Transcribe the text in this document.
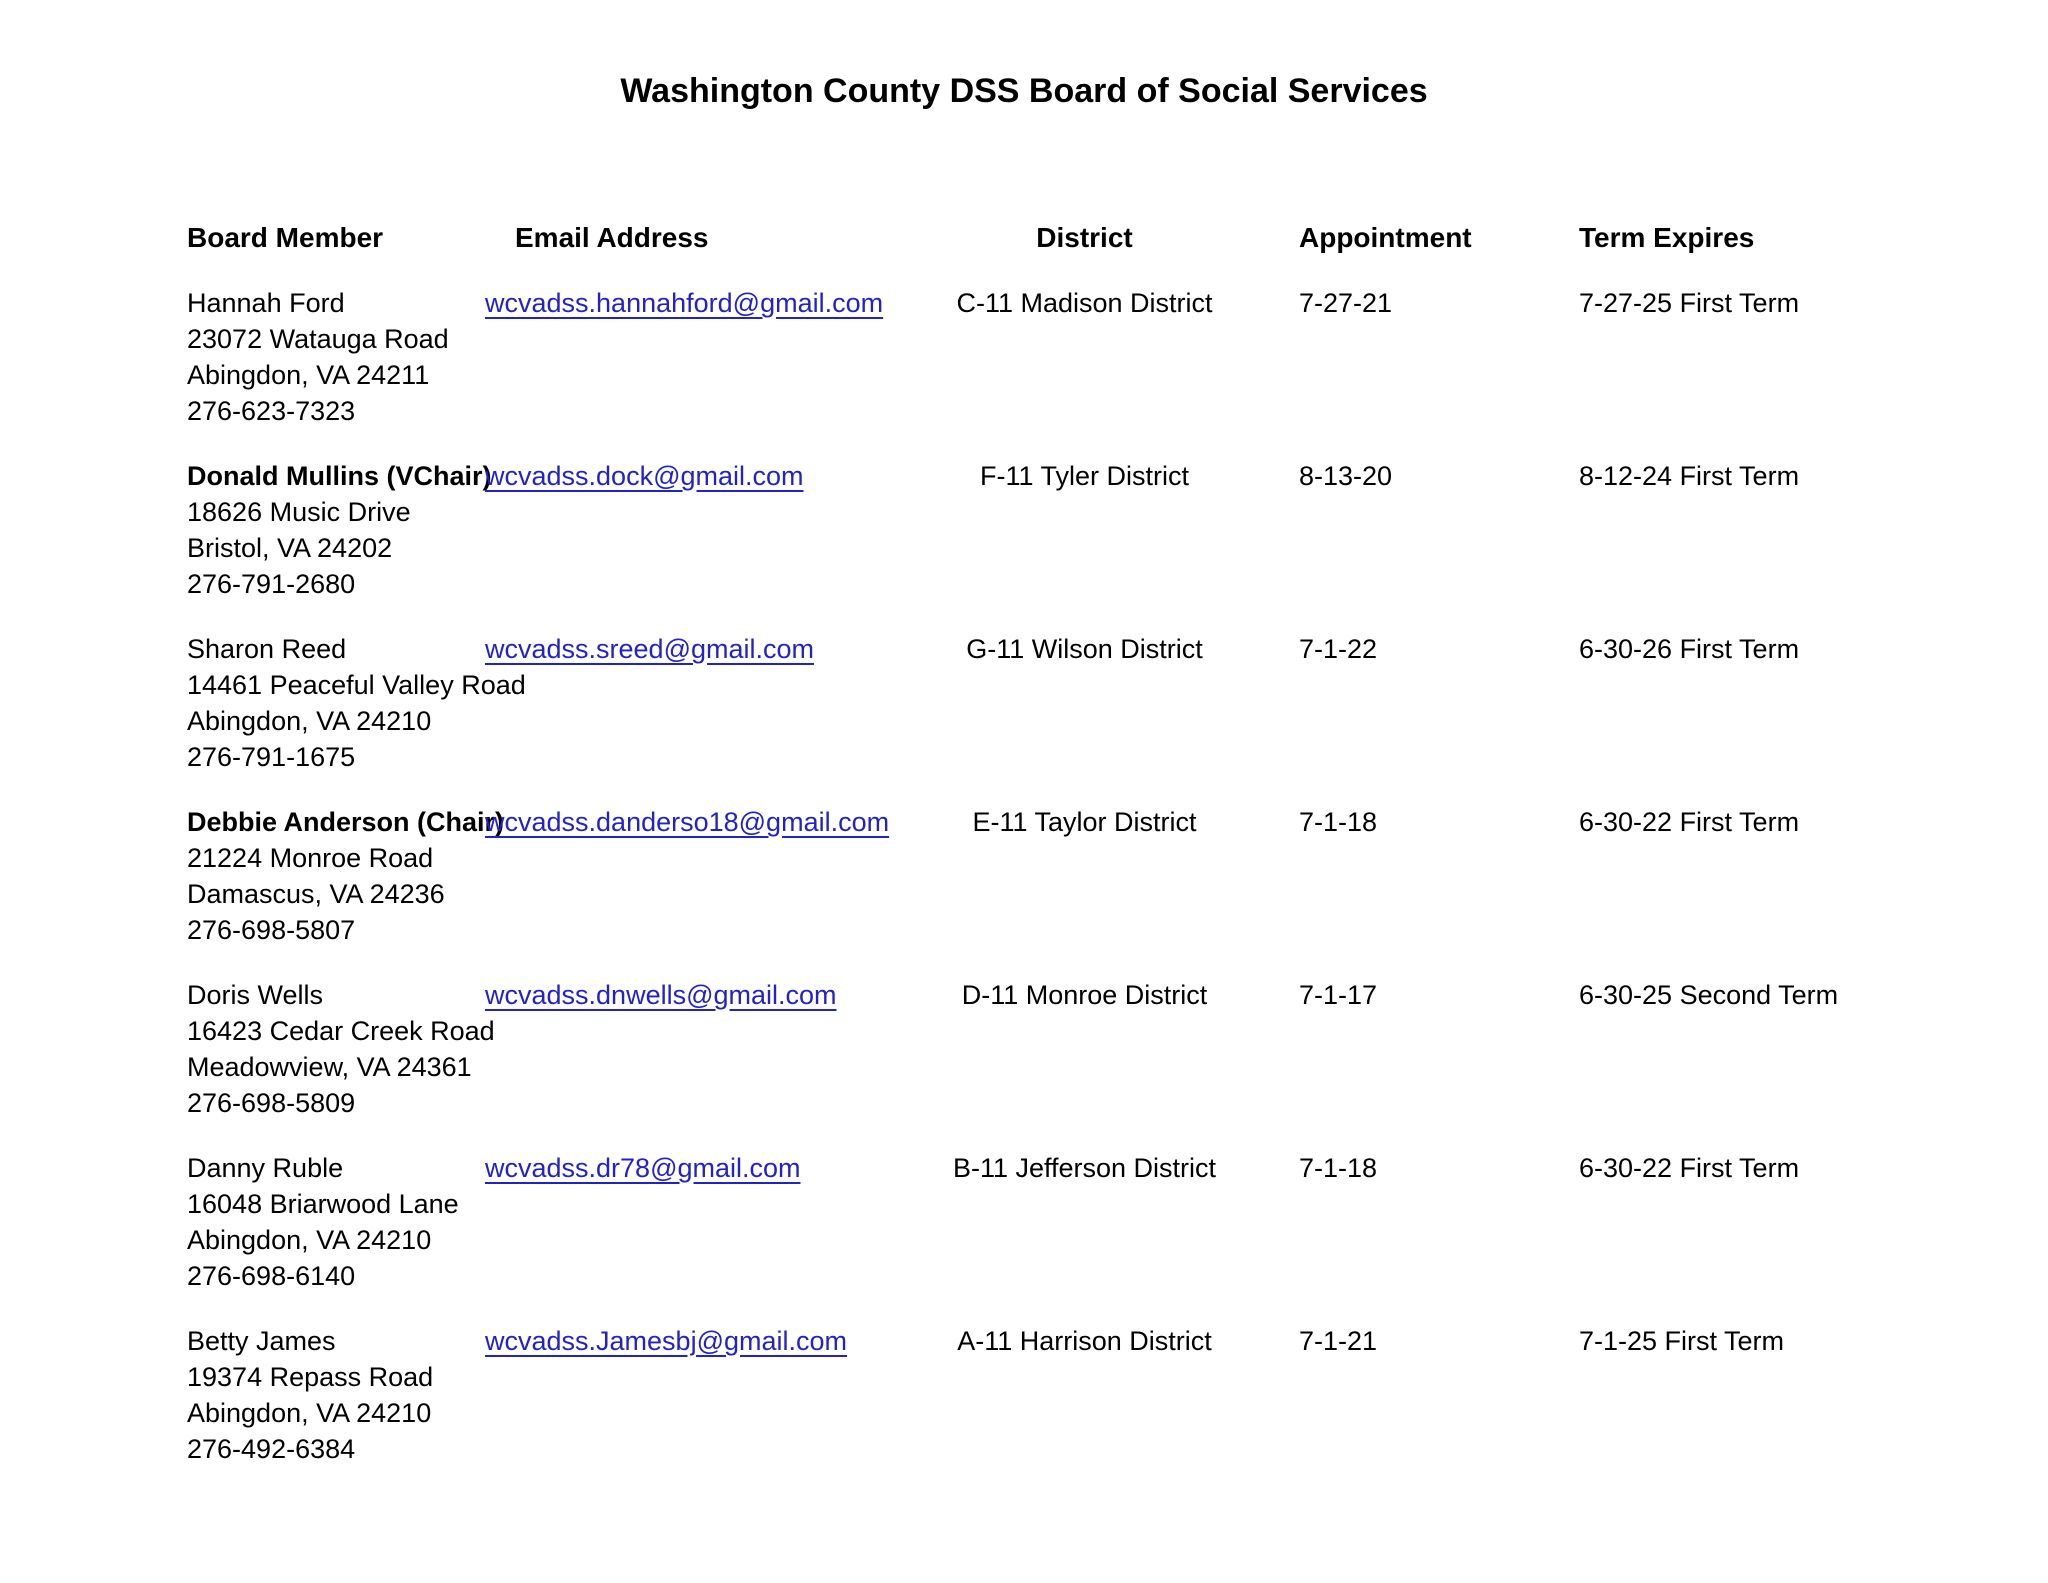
Washington County DSS Board of Social Services
Board Member	Email Address	District	Appointment	Term Expires
Hannah Ford
23072 Watauga Road
Abingdon, VA 24211
276-623-7323
wcvadss.hannahford@gmail.com	C-11 Madison District	7-27-21	7-27-25 First Term
Donald Mullins (VChair)
18626 Music Drive
Bristol, VA 24202
276-791-2680
wcvadss.dock@gmail.com	F-11 Tyler District	8-13-20	8-12-24 First Term
Sharon Reed
14461 Peaceful Valley Road
Abingdon, VA 24210
276-791-1675
wcvadss.sreed@gmail.com	G-11 Wilson District	7-1-22	6-30-26 First Term
Debbie Anderson (Chair)
21224 Monroe Road
Damascus, VA 24236
276-698-5807
wcvadss.danderso18@gmail.com	E-11 Taylor District	7-1-18	6-30-22 First Term
Doris Wells
16423 Cedar Creek Road
Meadowview, VA 24361
276-698-5809
wcvadss.dnwells@gmail.com	D-11 Monroe District	7-1-17	6-30-25 Second Term
Danny Ruble
16048 Briarwood Lane
Abingdon, VA 24210
276-698-6140
wcvadss.dr78@gmail.com	B-11 Jefferson District	7-1-18	6-30-22 First Term
Betty James
19374 Repass Road
Abingdon, VA 24210
276-492-6384
wcvadss.Jamesbj@gmail.com	A-11 Harrison District	7-1-21	7-1-25 First Term
